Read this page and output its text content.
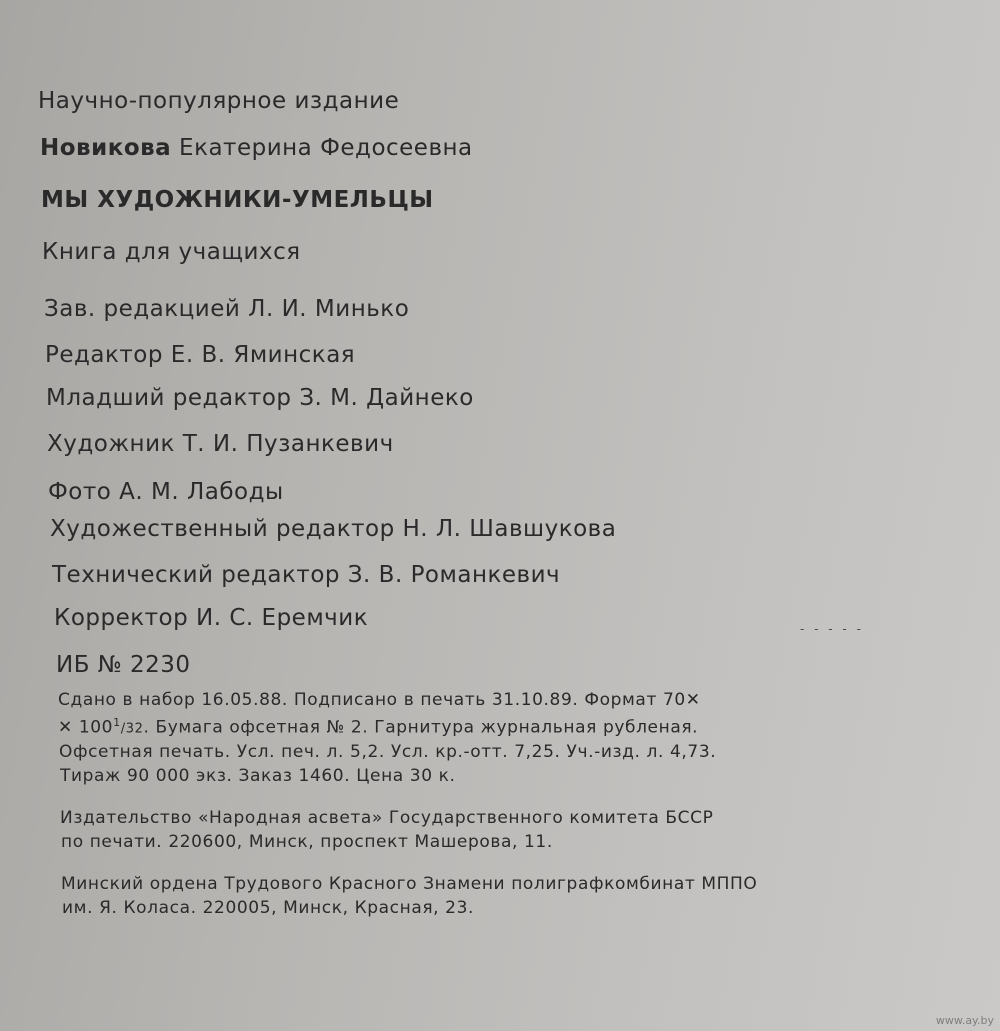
Научно-популярное издание
Новикова Екатерина Федосеевна
МЫ ХУДОЖНИКИ-УМЕЛЬЦЫ
Книга для учащихся
Зав. редакцией Л. И. Минько
Редактор Е. В. Яминская
Младший редактор З. М. Дайнеко
Художник Т. И. Пузанкевич
Фото А. М. Лабоды
Художественный редактор Н. Л. Шавшукова
Технический редактор З. В. Романкевич
Корректор И. С. Еремчик	- - - - -
ИБ № 2230
Сдано в набор 16.05.88. Подписано в печать 31.10.89. Формат 70✕
✕ $100^1/32$. Бумага офсетная № 2. Гарнитура журнальная рубленая.
Офсетная печать. Усл. печ. л. 5,2. Усл. кр.-отт. 7,25. Уч.-изд. л. 4,73.
Тираж 90 000 экз. Заказ 1460. Цена 30 к.
Издательство «Народная асвета» Государственного комитета БССР
по печати. 220600, Минск, проспект Машерова, 11.
Минский ордена Трудового Красного Знамени полиграфкомбинат МППО
им. Я. Коласа. 220005, Минск, Красная, 23.
www.ay.by
